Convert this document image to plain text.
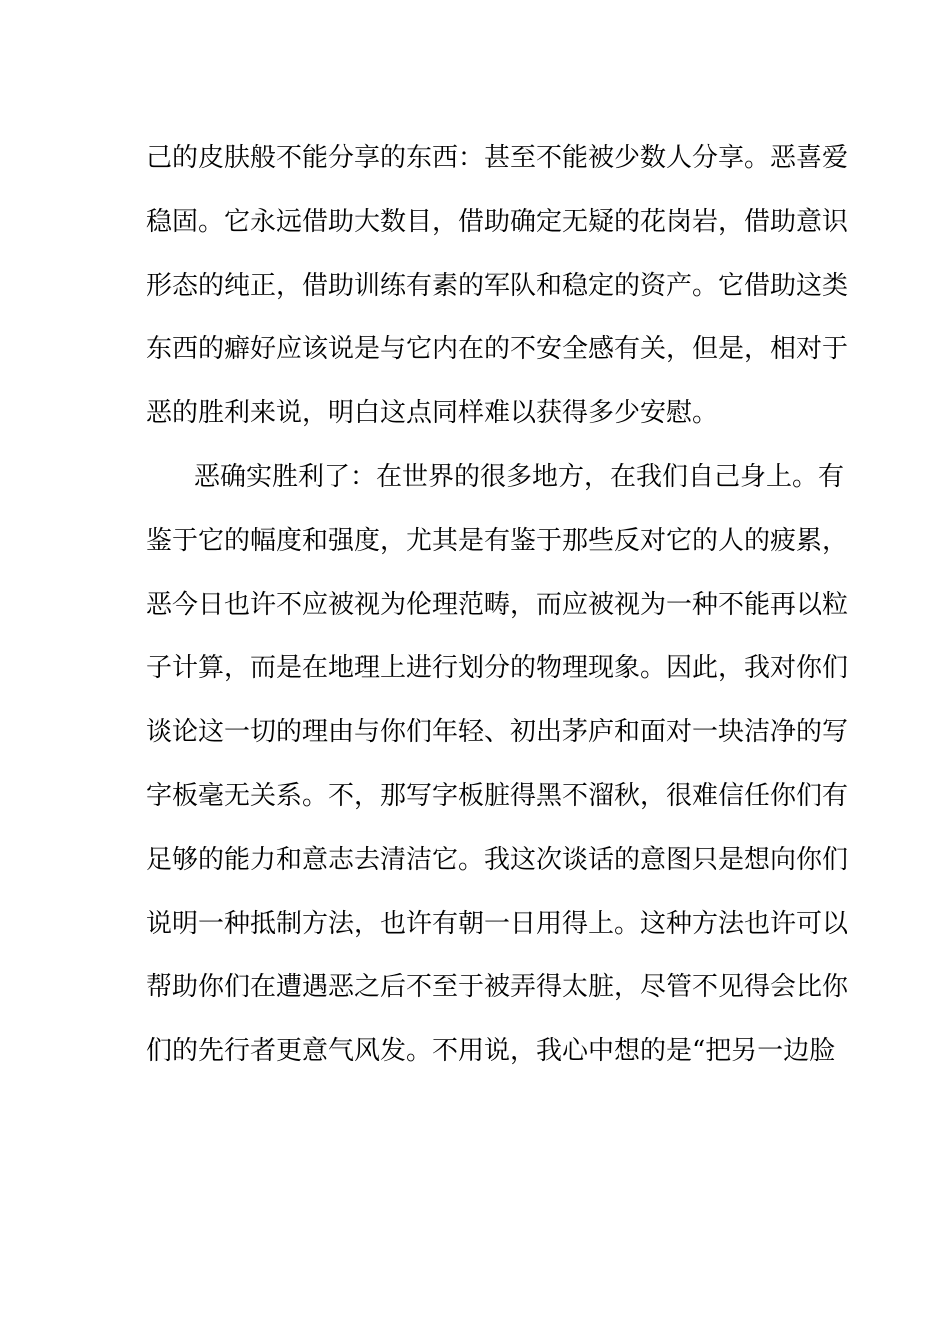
己的皮肤般不能分享的东西：甚至不能被少数人分享。恶喜爱
稳固。它永远借助大数目，借助确定无疑的花岗岩，借助意识
形态的纯正，借助训练有素的军队和稳定的资产。它借助这类
东西的癖好应该说是与它内在的不安全感有关，但是，相对于
恶的胜利来说，明白这点同样难以获得多少安慰。
恶确实胜利了：在世界的很多地方，在我们自己身上。有
鉴于它的幅度和强度，尤其是有鉴于那些反对它的人的疲累，
恶今日也许不应被视为伦理范畴，而应被视为一种不能再以粒
子计算，而是在地理上进行划分的物理现象。因此，我对你们
谈论这一切的理由与你们年轻、初出茅庐和面对一块洁净的写
字板毫无关系。不，那写字板脏得黑不溜秋，很难信任你们有
足够的能力和意志去清洁它。我这次谈话的意图只是想向你们
说明一种抵制方法，也许有朝一日用得上。这种方法也许可以
帮助你们在遭遇恶之后不至于被弄得太脏，尽管不见得会比你
们的先行者更意气风发。不用说，我心中想的是“把另一边脸
